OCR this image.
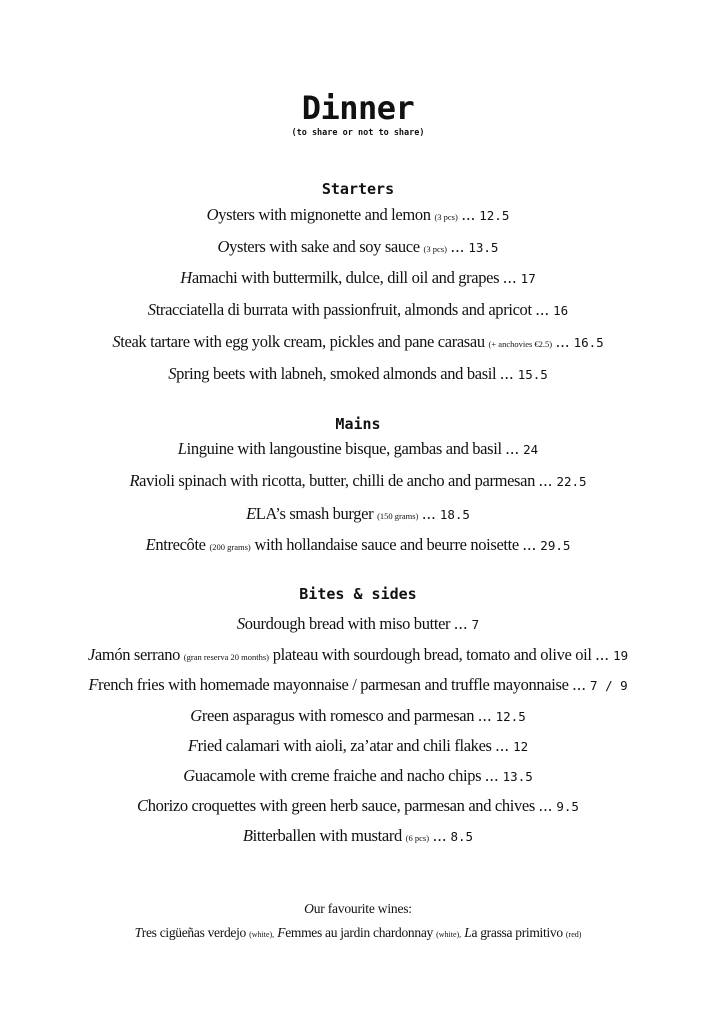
Dinner
(to share or not to share)
Starters
Oysters with mignonette and lemon (3 pcs) ... 12.5
Oysters with sake and soy sauce (3 pcs) ... 13.5
Hamachi with buttermilk, dulce, dill oil and grapes ... 17
Stracciatella di burrata with passionfruit, almonds and apricot ... 16
Steak tartare with egg yolk cream, pickles and pane carasau (+ anchovies €2.5) ... 16.5
Spring beets with labneh, smoked almonds and basil ... 15.5
Mains
Linguine with langoustine bisque, gambas and basil ... 24
Ravioli spinach with ricotta, butter, chilli de ancho and parmesan ... 22.5
ELA’s smash burger (150 grams) ... 18.5
Entrecôte (200 grams) with hollandaise sauce and beurre noisette ... 29.5
Bites & sides
Sourdough bread with miso butter ... 7
Jamón serrano (gran reserva 20 months) plateau with sourdough bread, tomato and olive oil ... 19
French fries with homemade mayonnaise / parmesan and truffle mayonnaise ... 7 / 9
Green asparagus with romesco and parmesan ... 12.5
Fried calamari with aioli, za’atar and chili flakes ... 12
Guacamole with creme fraiche and nacho chips ... 13.5
Chorizo croquettes with green herb sauce, parmesan and chives ... 9.5
Bitterballen with mustard (6 pcs) ... 8.5
Our favourite wines:
Tres cigüeñas verdejo (white), Femmes au jardin chardonnay (white), La grassa primitivo (red)
